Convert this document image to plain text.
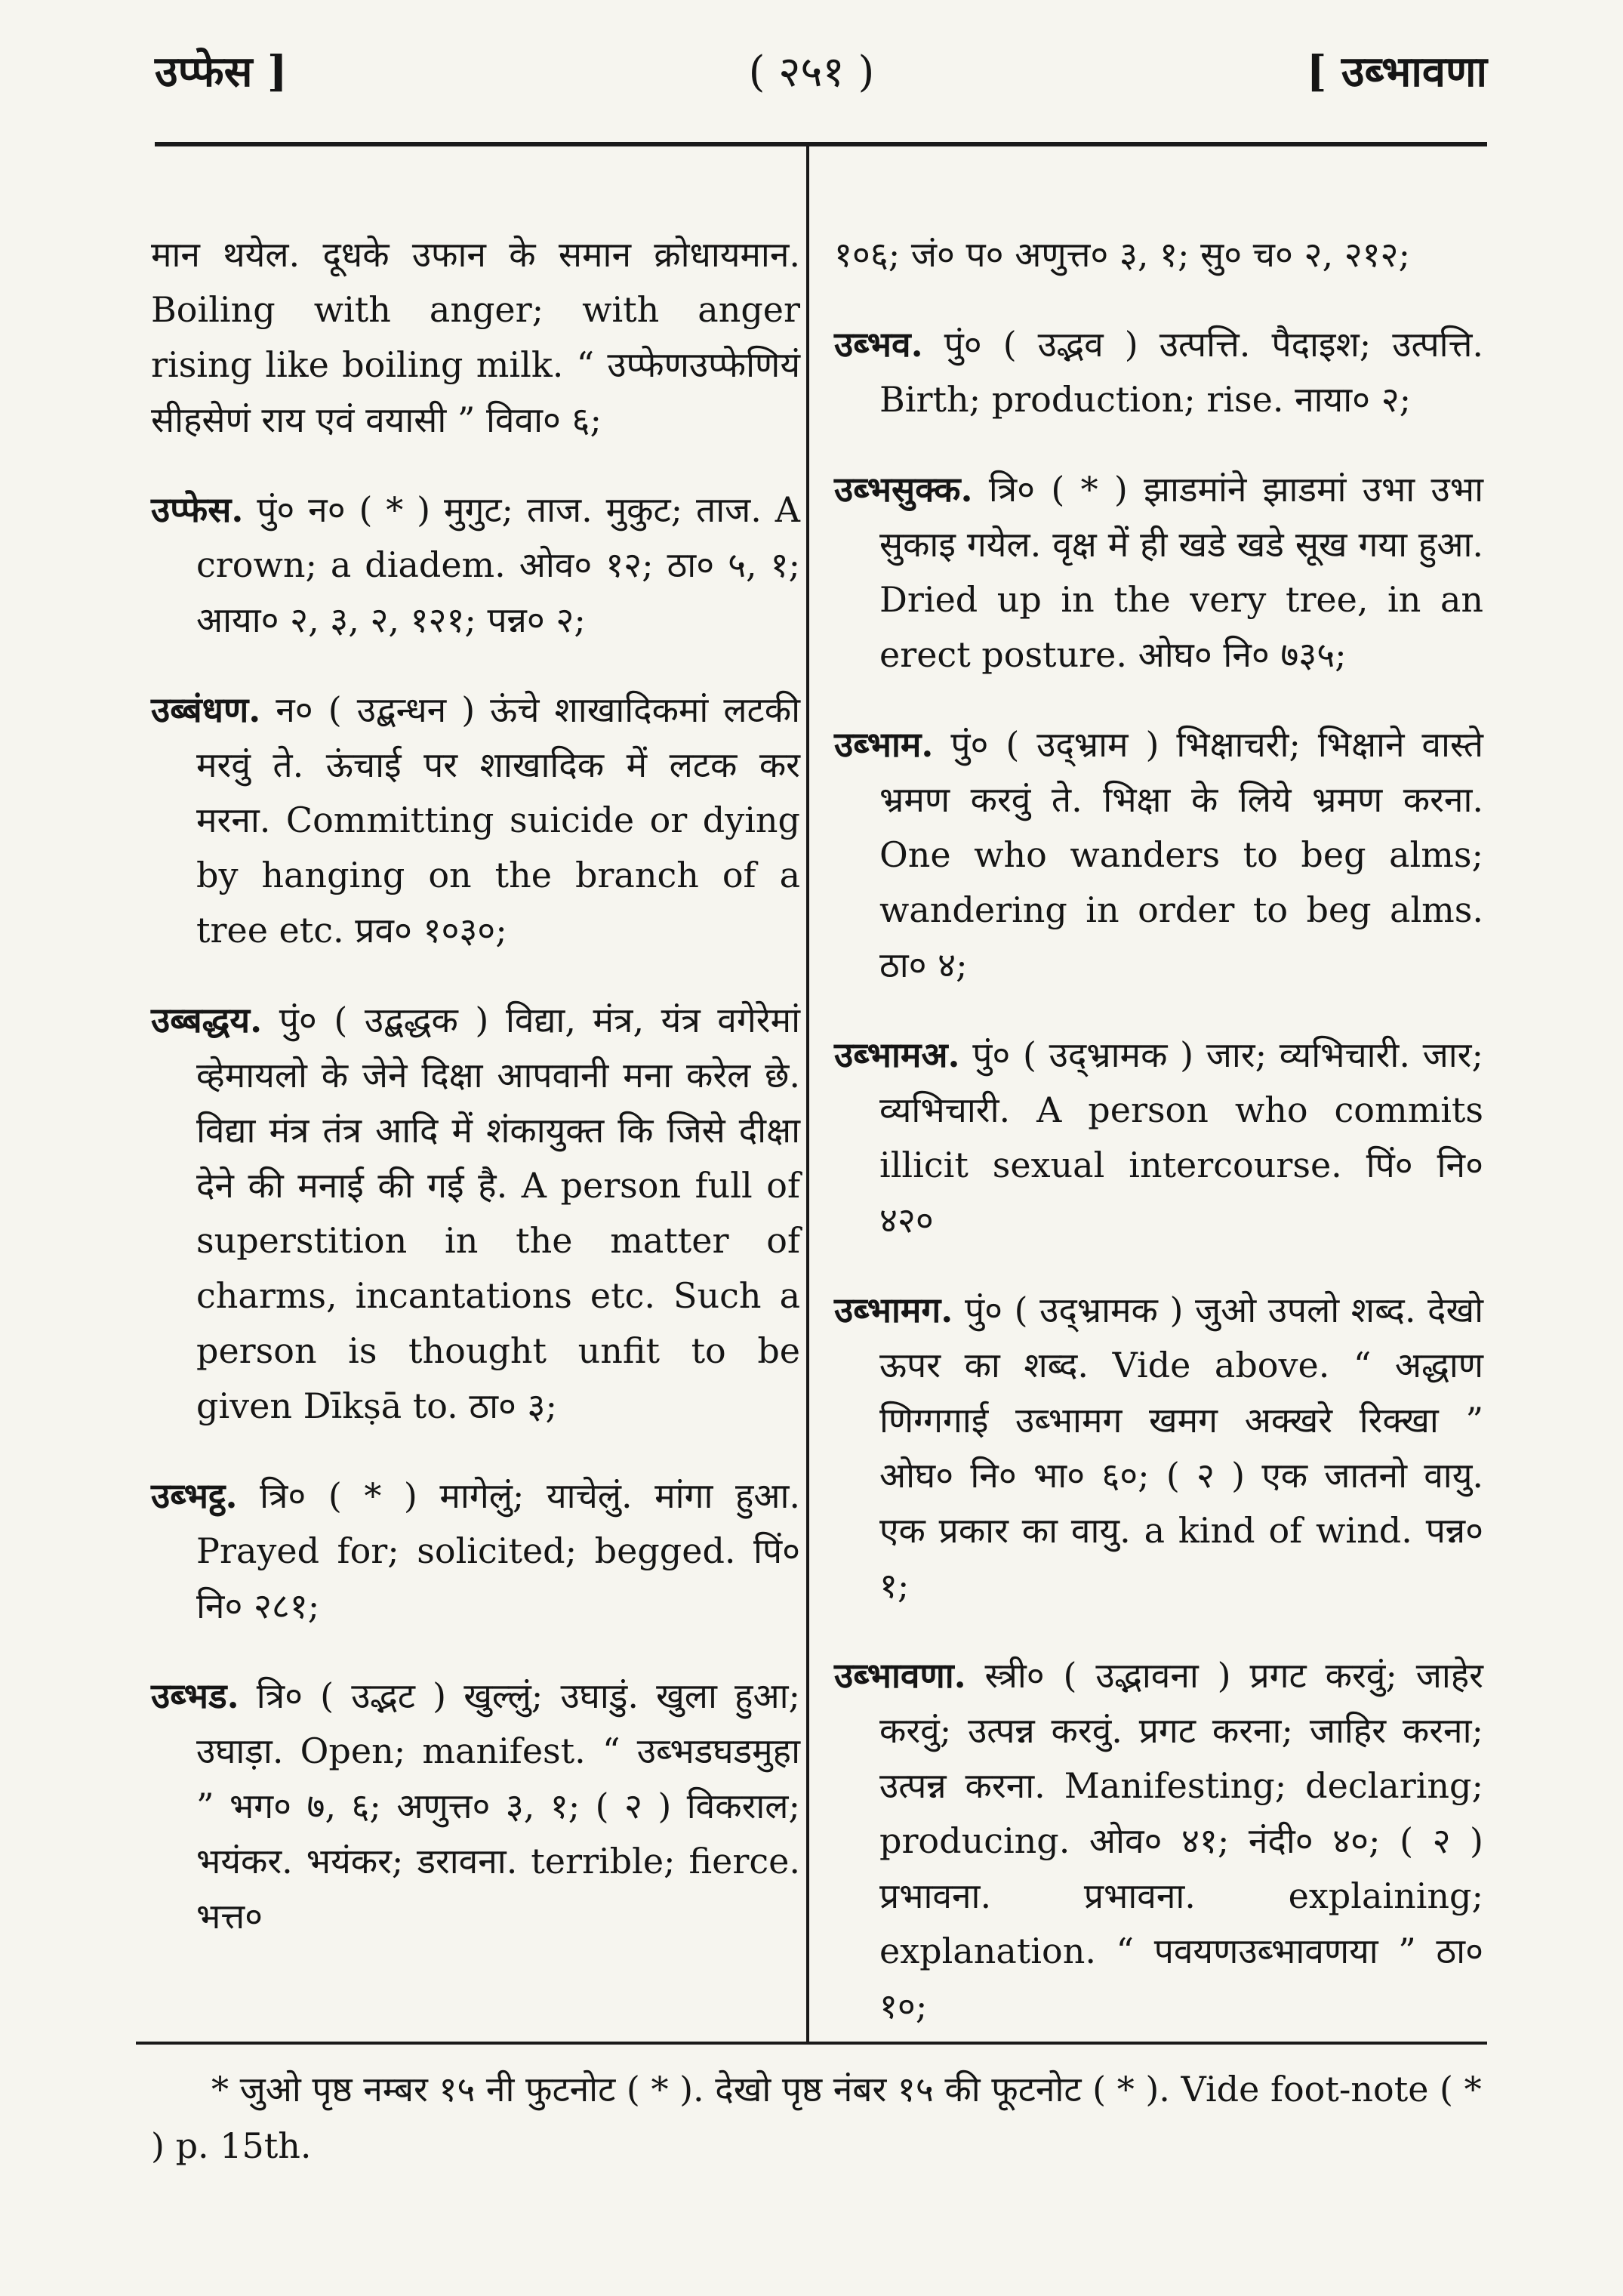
उप्फेस ]	( २५१ )	[ उब्भावणा

मान थयेल. दूधके उफान के समान क्रोधायमान. Boiling with anger; with anger rising like boiling milk. “ उप्फेणउप्फेणियं सीहसेणं राय एवं वयासी ” विवा० ६;

उप्फेस. पुं० न० ( * ) मुगुट; ताज. मुकुट; ताज. A crown; a diadem. ओव० १२; ठा० ५, १; आया० २, ३, २, १२१; पन्न० २;

उब्बंधण. न० ( उद्बन्धन ) ऊंचे शाखादिकमां लटकी मरवुं ते. ऊंचाई पर शाखादिक में लटक कर मरना. Committing suicide or dying by hanging on the branch of a tree etc. प्रव० १०३०;

उब्बद्धय. पुं० ( उद्बद्धक ) विद्या, मंत्र, यंत्र वगेरेमां व्हेमायलो के जेने दिक्षा आपवानी मना करेल छे. विद्या मंत्र तंत्र आदि में शंकायुक्त कि जिसे दीक्षा देने की मनाई की गई है. A person full of superstition in the matter of charms, incantations etc. Such a person is thought unfit to be given Dīkṣā to. ठा० ३;

उब्भट्ठ. त्रि० ( * ) मागेलुं; याचेलुं. मांगा हुआ. Prayed for; solicited; begged. पिं० नि० २८१;

उब्भड. त्रि० ( उद्भट ) खुल्लुं; उघाडुं. खुला हुआ; उघाड़ा. Open; manifest. “ उब्भडघडमुहा ” भग० ७, ६; अणुत्त० ३, १; ( २ ) विकराल; भयंकर. भयंकर; डरावना. terrible; fierce. भत्त०

१०६; जं० प० अणुत्त० ३, १; सु० च० २, २१२;

उब्भव. पुं० ( उद्भव ) उत्पत्ति. पैदाइश; उत्पत्ति. Birth; production; rise. नाया० २;

उब्भसुक्क. त्रि० ( * ) झाडमांने झाडमां उभा उभा सुकाइ गयेल. वृक्ष में ही खडे खडे सूख गया हुआ. Dried up in the very tree, in an erect posture. ओघ० नि० ७३५;

उब्भाम. पुं० ( उद्भ्राम ) भिक्षाचरी; भिक्षाने वास्ते भ्रमण करवुं ते. भिक्षा के लिये भ्रमण करना. One who wanders to beg alms; wandering in order to beg alms. ठा० ४;

उब्भामअ. पुं० ( उद्भ्रामक ) जार; व्यभिचारी. जार; व्यभिचारी. A person who commits illicit sexual intercourse. पिं० नि० ४२०

उब्भामग. पुं० ( उद्भ्रामक ) जुओ उपलो शब्द. देखो ऊपर का शब्द. Vide above. “ अद्धाण णिग्गगाई उब्भामग खमग अक्खरे रिक्खा ” ओघ० नि० भा० ६०; ( २ ) एक जातनो वायु. एक प्रकार का वायु. a kind of wind. पन्न० १;

उब्भावणा. स्त्री० ( उद्भावना ) प्रगट करवुं; जाहेर करवुं; उत्पन्न करवुं. प्रगट करना; जाहिर करना; उत्पन्न करना. Manifesting; declaring; producing. ओव० ४१; नंदी० ४०; ( २ ) प्रभावना. प्रभावना. explaining; explanation. “ पवयणउब्भावणया ” ठा० १०;

* जुओ पृष्ठ नम्बर १५ नी फुटनोट ( * ). देखो पृष्ठ नंबर १५ की फूटनोट ( * ). Vide foot-note ( * ) p. 15th.
